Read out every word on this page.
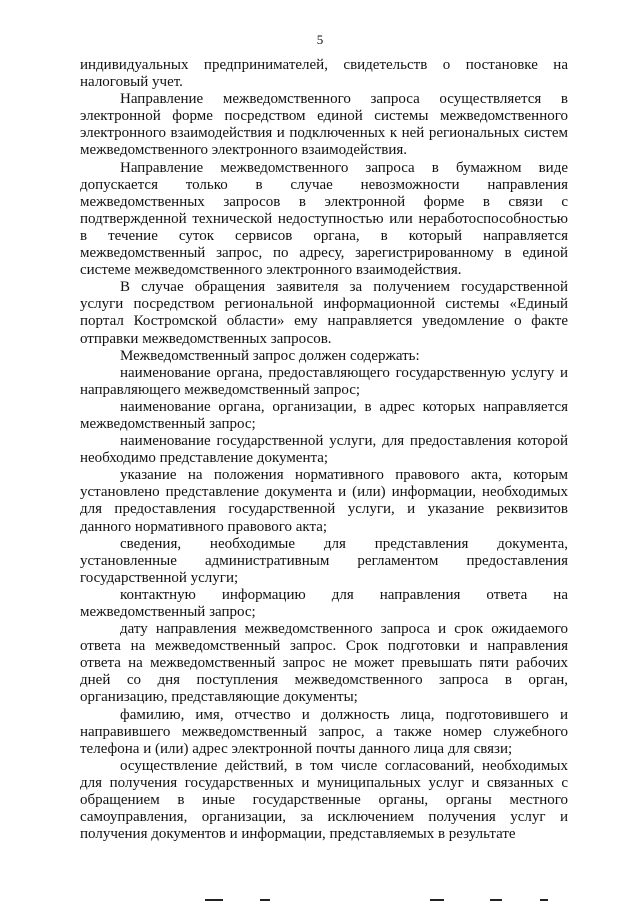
5

индивидуальных предпринимателей, свидетельств о постановке на налоговый учет.

Направление межведомственного запроса осуществляется в электронной форме посредством единой системы межведомственного электронного взаимодействия и подключенных к ней региональных систем межведомственного электронного взаимодействия.

Направление межведомственного запроса в бумажном виде допускается только в случае невозможности направления межведомственных запросов в электронной форме в связи с подтвержденной технической недоступностью или неработоспособностью в течение суток сервисов органа, в который направляется межведомственный запрос, по адресу, зарегистрированному в единой системе межведомственного электронного взаимодействия.

В случае обращения заявителя за получением государственной услуги посредством региональной информационной системы «Единый портал Костромской области» ему направляется уведомление о факте отправки межведомственных запросов.

Межведомственный запрос должен содержать:

наименование органа, предоставляющего государственную услугу и направляющего межведомственный запрос;

наименование органа, организации, в адрес которых направляется межведомственный запрос;

наименование государственной услуги, для предоставления которой необходимо представление документа;

указание на положения нормативного правового акта, которым установлено представление документа и (или) информации, необходимых для предоставления государственной услуги, и указание реквизитов данного нормативного правового акта;

сведения, необходимые для представления документа, установленные административным регламентом предоставления государственной услуги;

контактную информацию для направления ответа на межведомственный запрос;

дату направления межведомственного запроса и срок ожидаемого ответа на межведомственный запрос. Срок подготовки и направления ответа на межведомственный запрос не может превышать пяти рабочих дней со дня поступления межведомственного запроса в орган, организацию, представляющие документы;

фамилию, имя, отчество и должность лица, подготовившего и направившего межведомственный запрос, а также номер служебного телефона и (или) адрес электронной почты данного лица для связи;

осуществление действий, в том числе согласований, необходимых для получения государственных и муниципальных услуг и связанных с обращением в иные государственные органы, органы местного самоуправления, организации, за исключением получения услуг и получения документов и информации, представляемых в результате
